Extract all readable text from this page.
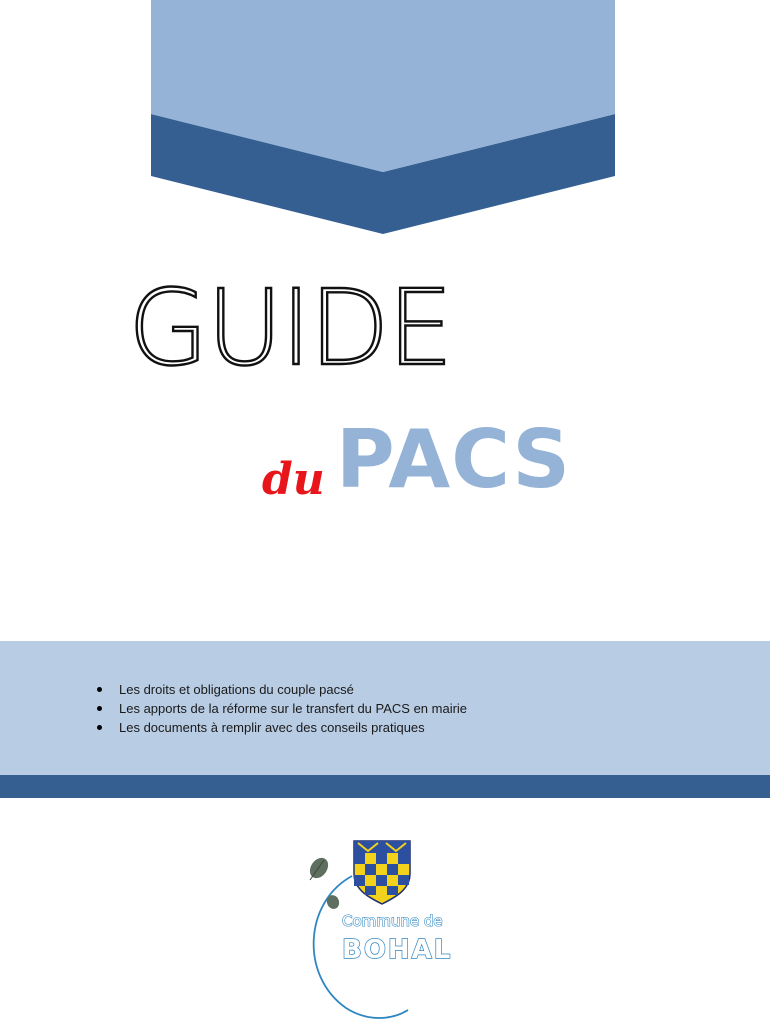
GUIDE
du PACS
Les droits et obligations du couple pacsé
Les apports de la réforme sur le transfert du PACS en mairie
Les documents à remplir avec des conseils pratiques
Commune de
BOHAL
